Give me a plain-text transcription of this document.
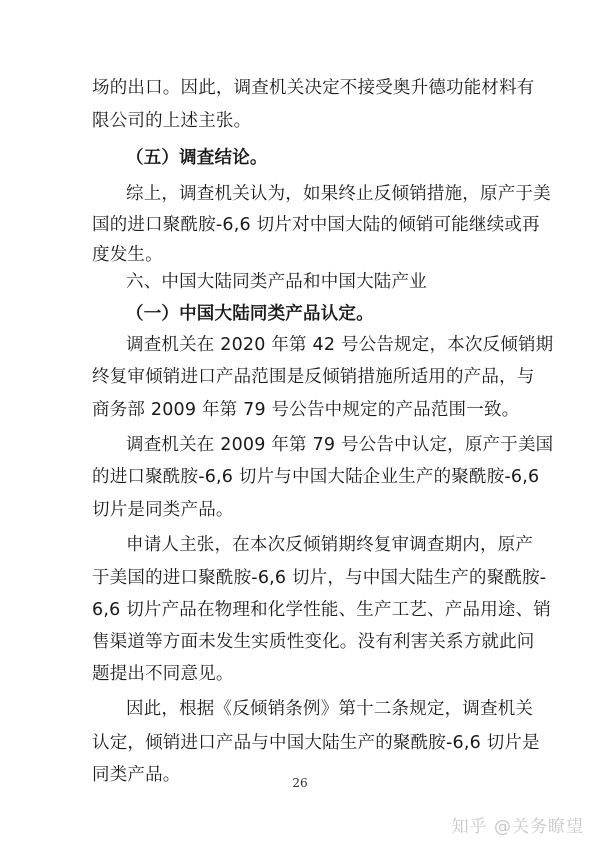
场的出口。因此，调查机关决定不接受奥升德功能材料有
限公司的上述主张。
（五）调查结论。
综上，调查机关认为，如果终止反倾销措施，原产于美
国的进口聚酰胺-6,6 切片对中国大陆的倾销可能继续或再
度发生。
六、中国大陆同类产品和中国大陆产业
（一）中国大陆同类产品认定。
调查机关在 2020 年第 42 号公告规定，本次反倾销期
终复审倾销进口产品范围是反倾销措施所适用的产品，与
商务部 2009 年第 79 号公告中规定的产品范围一致。
调查机关在 2009 年第 79 号公告中认定，原产于美国
的进口聚酰胺-6,6 切片与中国大陆企业生产的聚酰胺-6,6
切片是同类产品。
申请人主张，在本次反倾销期终复审调查期内，原产
于美国的进口聚酰胺-6,6 切片，与中国大陆生产的聚酰胺-
6,6 切片产品在物理和化学性能、生产工艺、产品用途、销
售渠道等方面未发生实质性变化。没有利害关系方就此问
题提出不同意见。
因此，根据《反倾销条例》第十二条规定，调查机关
认定，倾销进口产品与中国大陆生产的聚酰胺-6,6 切片是
同类产品。	26
知乎 @关务瞭望
